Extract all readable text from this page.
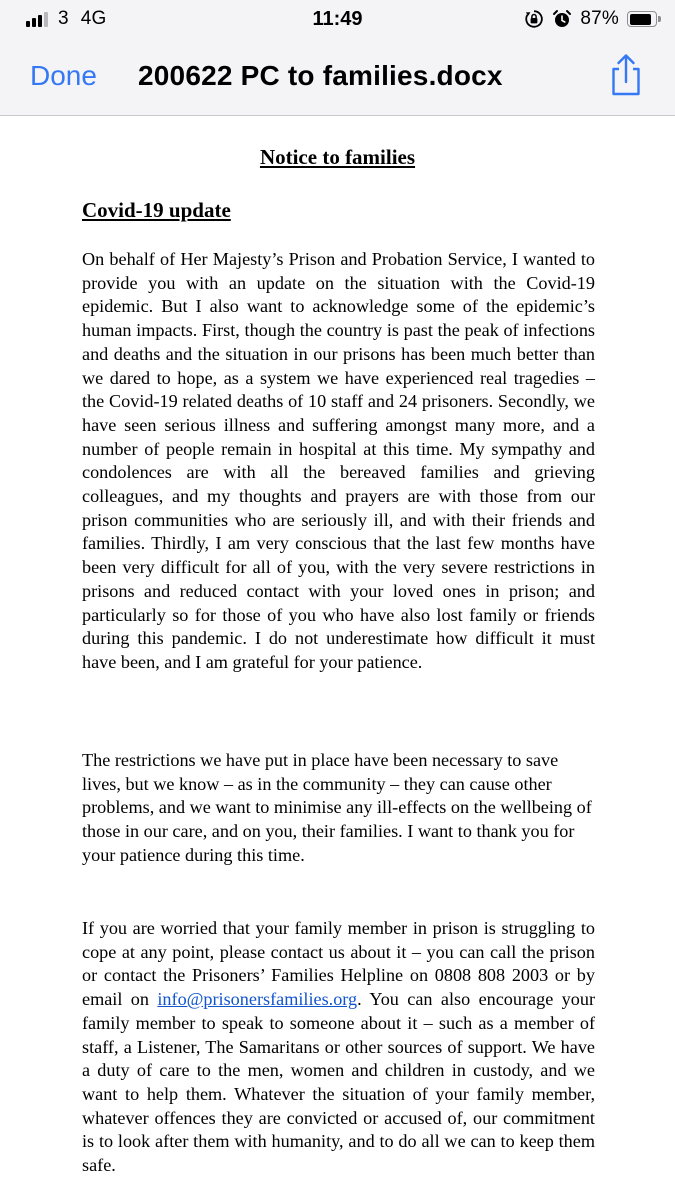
3 4G	11:49	87%
Done 200622 PC to families.docx
Notice to families
Covid-19 update

On behalf of Her Majesty’s Prison and Probation Service, I wanted to provide you with an update on the situation with the Covid-19 epidemic. But I also want to acknowledge some of the epidemic’s human impacts. First, though the country is past the peak of infections and deaths and the situation in our prisons has been much better than we dared to hope, as a system we have experienced real tragedies – the Covid-19 related deaths of 10 staff and 24 prisoners. Secondly, we have seen serious illness and suffering amongst many more, and a number of people remain in hospital at this time. My sympathy and condolences are with all the bereaved families and grieving colleagues, and my thoughts and prayers are with those from our prison communities who are seriously ill, and with their friends and families. Thirdly, I am very conscious that the last few months have been very difficult for all of you, with the very severe restrictions in prisons and reduced contact with your loved ones in prison; and particularly so for those of you who have also lost family or friends during this pandemic. I do not underestimate how difficult it must have been, and I am grateful for your patience.

The restrictions we have put in place have been necessary to save lives, but we know – as in the community – they can cause other problems, and we want to minimise any ill-effects on the wellbeing of those in our care, and on you, their families. I want to thank you for your patience during this time.

If you are worried that your family member in prison is struggling to cope at any point, please contact us about it – you can call the prison or contact the Prisoners’ Families Helpline on 0808 808 2003 or by email on info@prisonersfamilies.org. You can also encourage your family member to speak to someone about it – such as a member of staff, a Listener, The Samaritans or other sources of support. We have a duty of care to the men, women and children in custody, and we want to help them. Whatever the situation of your family member, whatever offences they are convicted or accused of, our commitment is to look after them with humanity, and to do all we can to keep them safe.
